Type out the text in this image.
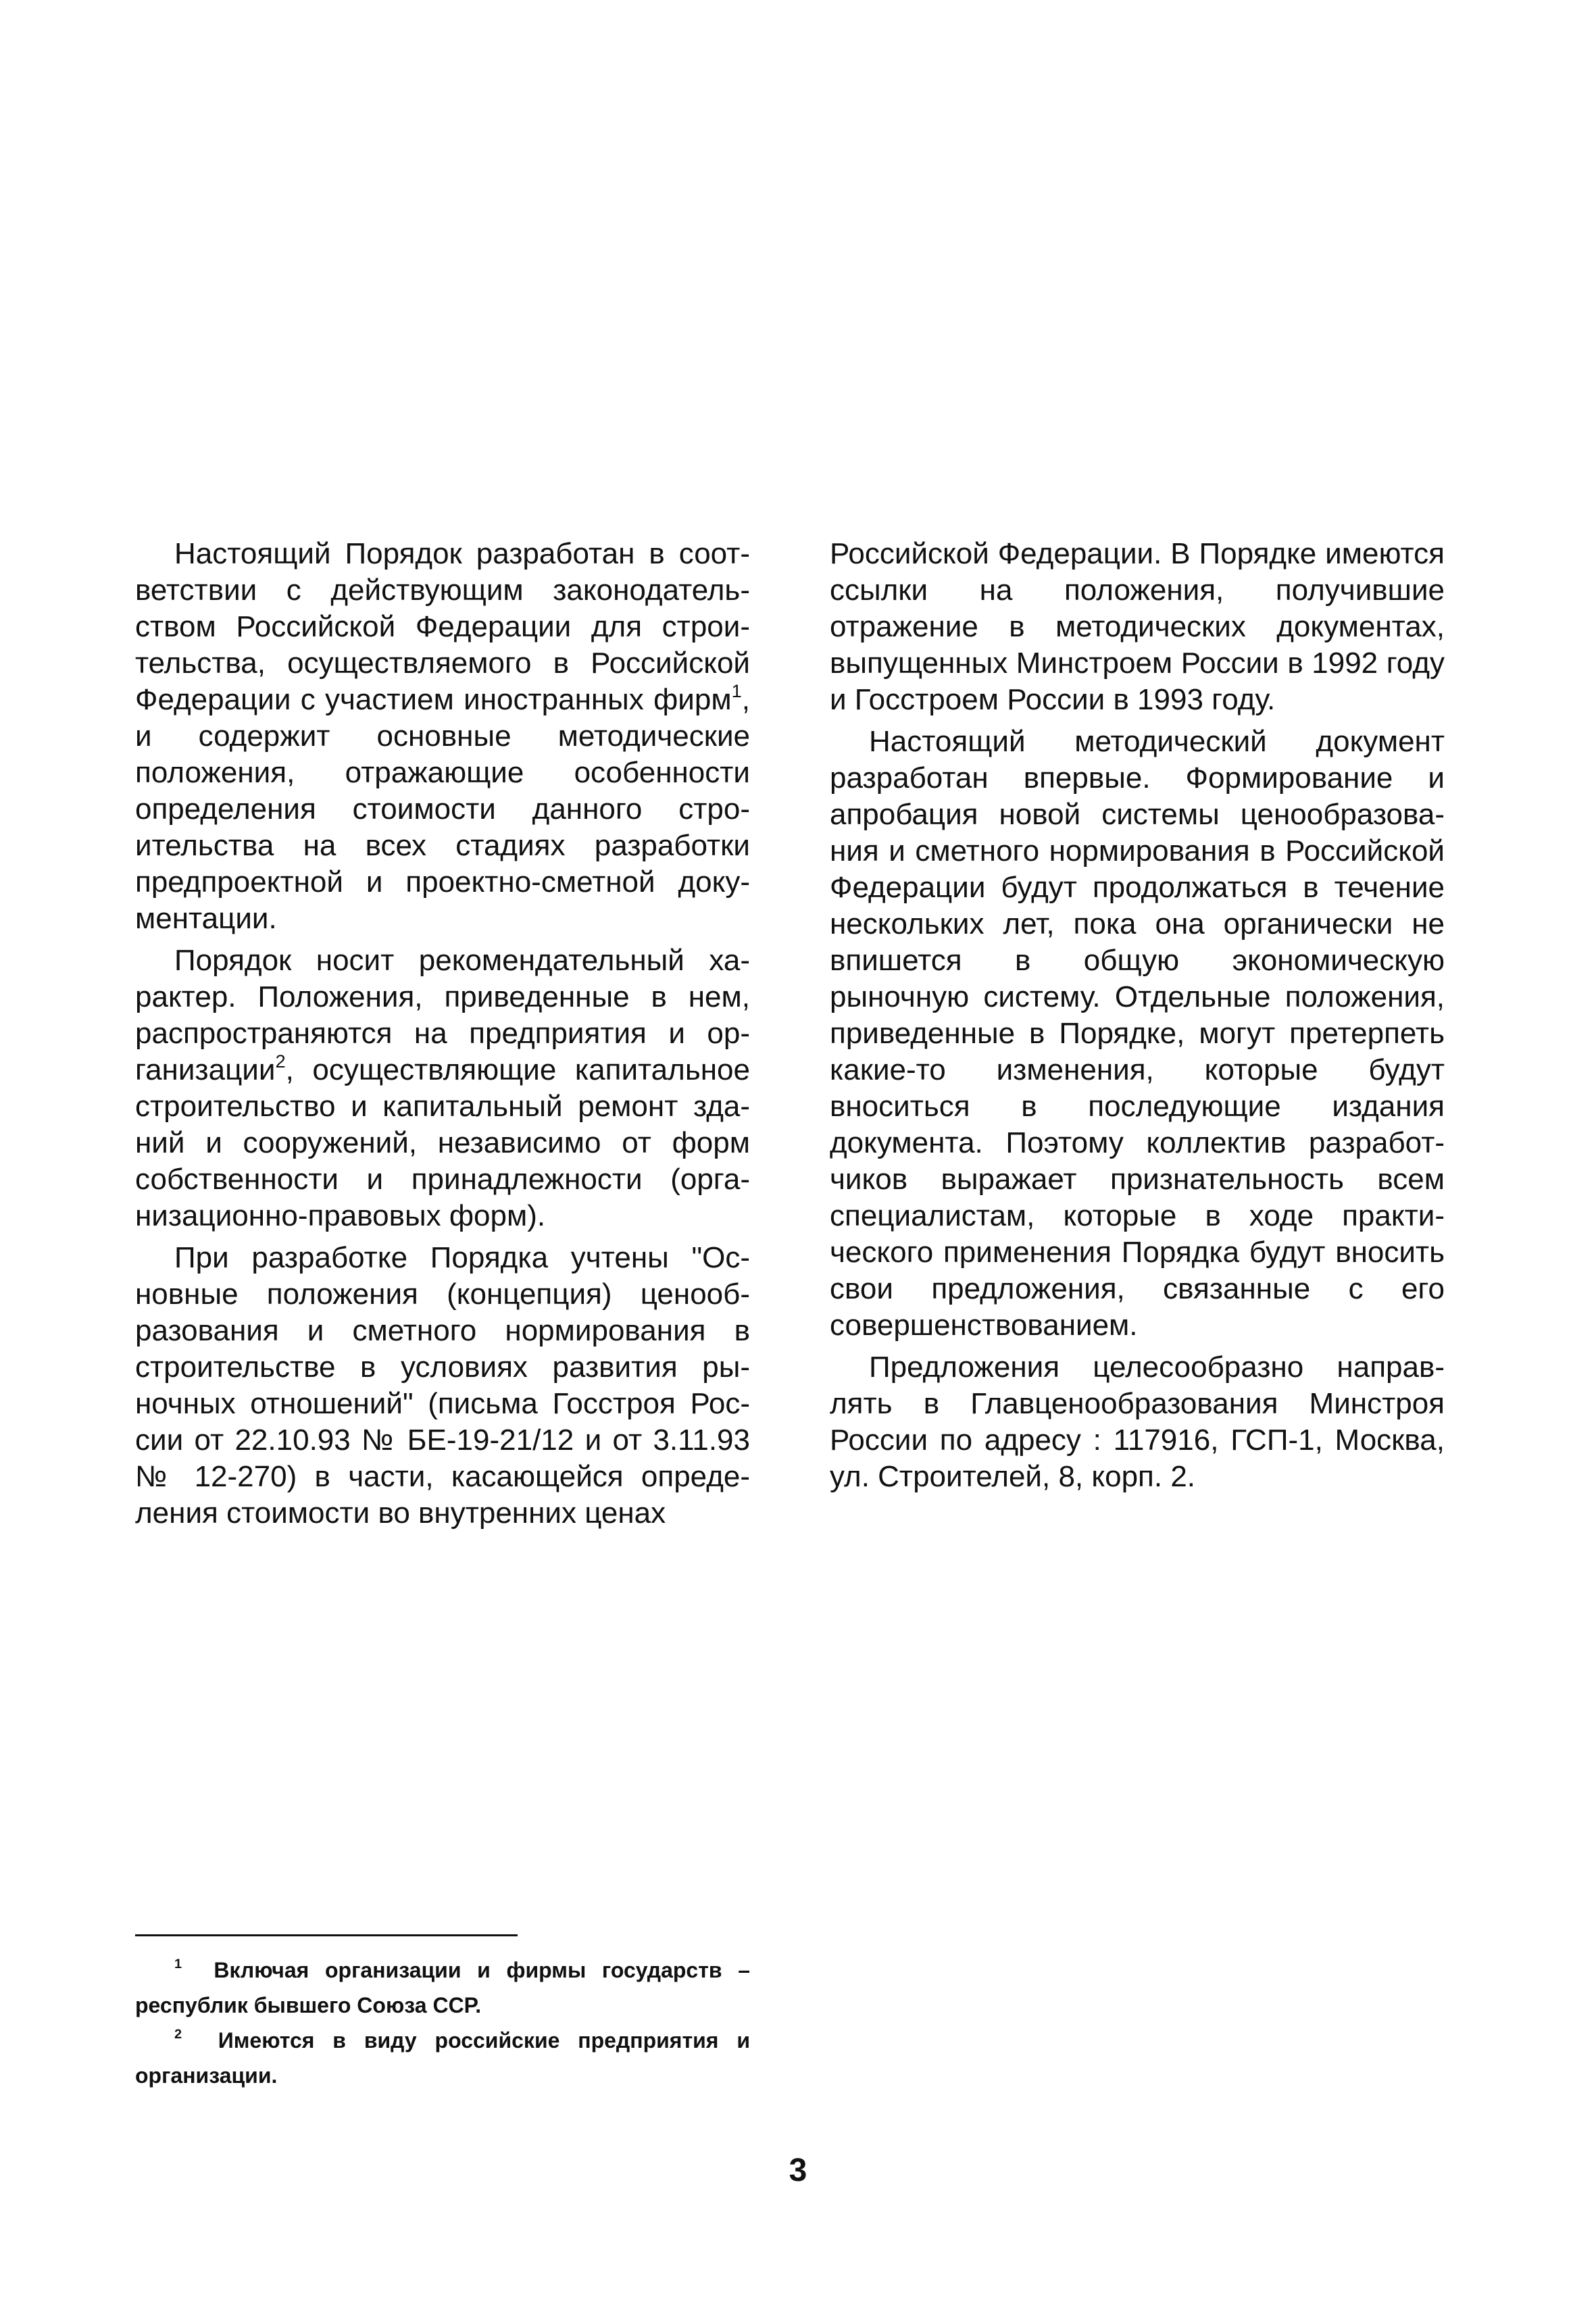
Настоящий Порядок разработан в соответствии с действующим законодательством Российской Федерации для строительства, осуществляемого в Российской Федерации с участием иностранных фирм$^1$, и содержит основные методические положения, отражающие особенности определения стоимости данного строительства на всех стадиях разработки предпроектной и проектно-сметной документации.

Порядок носит рекомендательный характер. Положения, приведенные в нем, распространяются на предприятия и организации$^2$, осуществляющие капитальное строительство и капитальный ремонт зданий и сооружений, независимо от форм собственности и принадлежности (организационно-правовых форм).

При разработке Порядка учтены "Основные положения (концепция) ценообразования и сметного нормирования в строительстве в условиях развития рыночных отношений" (письма Госстроя России от 22.10.93 № БЕ-19-21/12 и от 3.11.93 № 12-270) в части, касающейся определения стоимости во внутренних ценах

Российской Федерации. В Порядке имеются ссылки на положения, получившие отражение в методических документах, выпущенных Минстроем России в 1992 году и Госстроем России в 1993 году.

Настоящий методический документ разработан впервые. Формирование и апробация новой системы ценообразования и сметного нормирования в Российской Федерации будут продолжаться в течение нескольких лет, пока она органически не впишется в общую экономическую рыночную систему. Отдельные положения, приведенные в Порядке, могут претерпеть какие-то изменения, которые будут вноситься в последующие издания документа. Поэтому коллектив разработчиков выражает признательность всем специалистам, которые в ходе практического применения Порядка будут вносить свои предложения, связанные с его совершенствованием.

Предложения целесообразно направлять в Главценообразования Минстроя России по адресу : 117916, ГСП-1, Москва, ул. Строителей, 8, корп. 2.

$^1$ Включая организации и фирмы государств – республик бывшего Союза ССР.

$^2$ Имеются в виду российские предприятия и организации.

3
